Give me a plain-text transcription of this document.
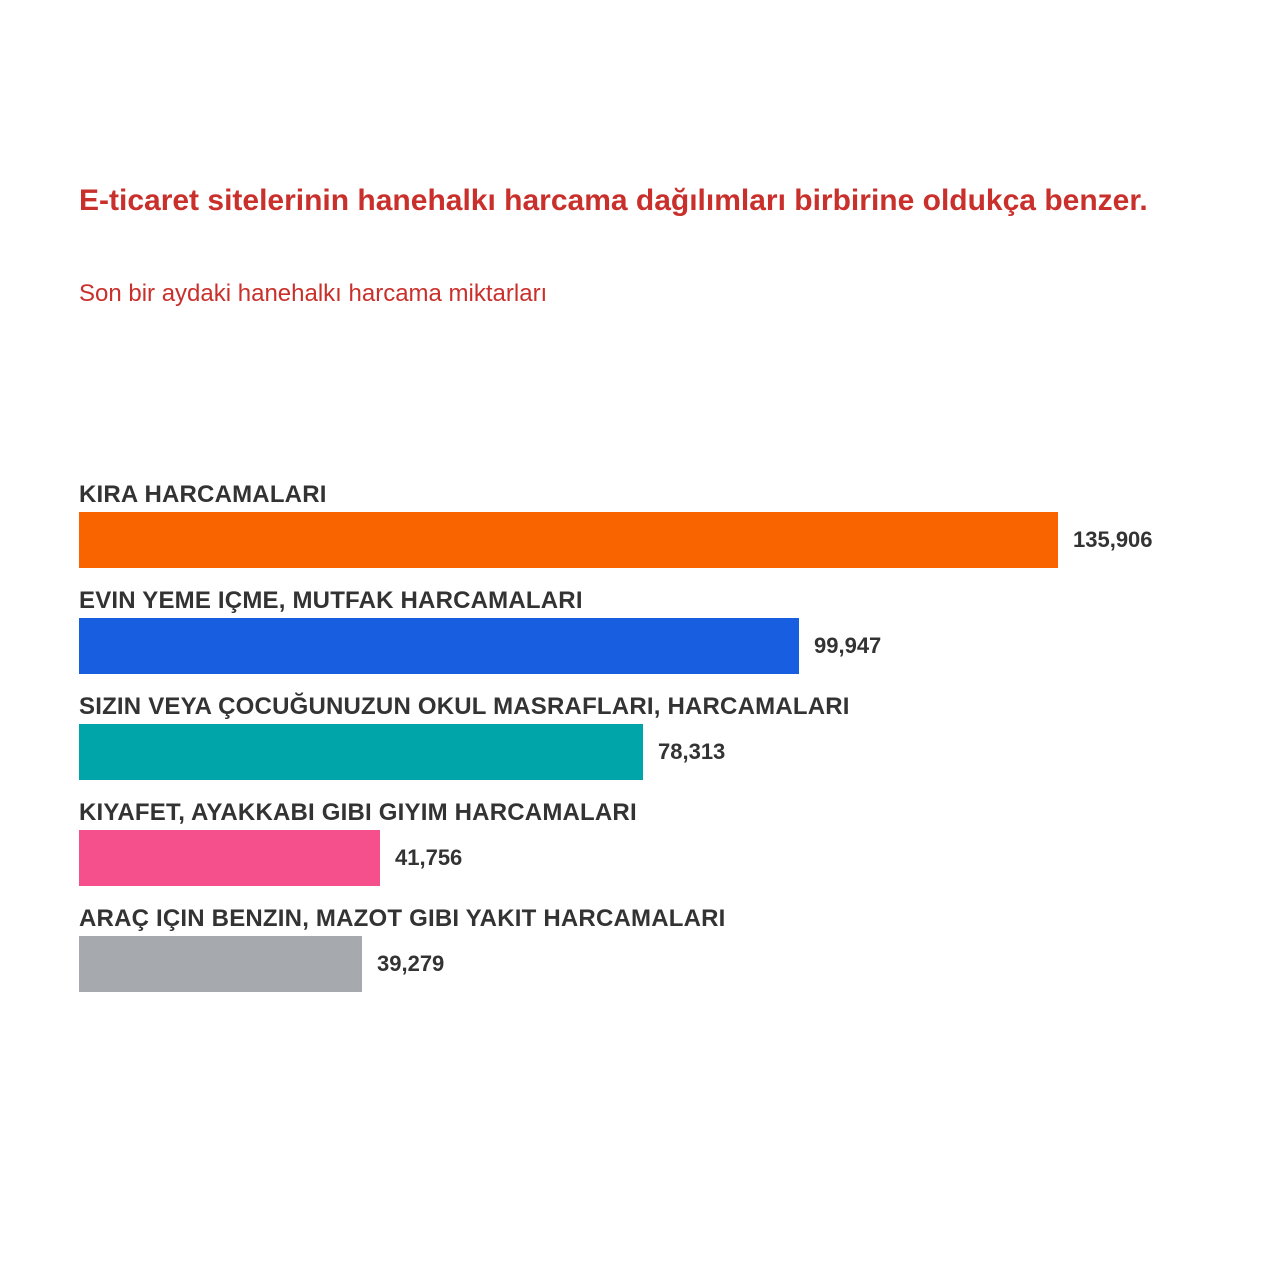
E-ticaret sitelerinin hanehalkı harcama dağılımları birbirine oldukça benzer.
Son bir aydaki hanehalkı harcama miktarları
KIRA HARCAMALARI
135,906
EVIN YEME IÇME, MUTFAK HARCAMALARI
99,947
SIZIN VEYA ÇOCUĞUNUZUN OKUL MASRAFLARI, HARCAMALARI
78,313
KIYAFET, AYAKKABI GIBI GIYIM HARCAMALARI
41,756
ARAÇ IÇIN BENZIN, MAZOT GIBI YAKIT HARCAMALARI
39,279
